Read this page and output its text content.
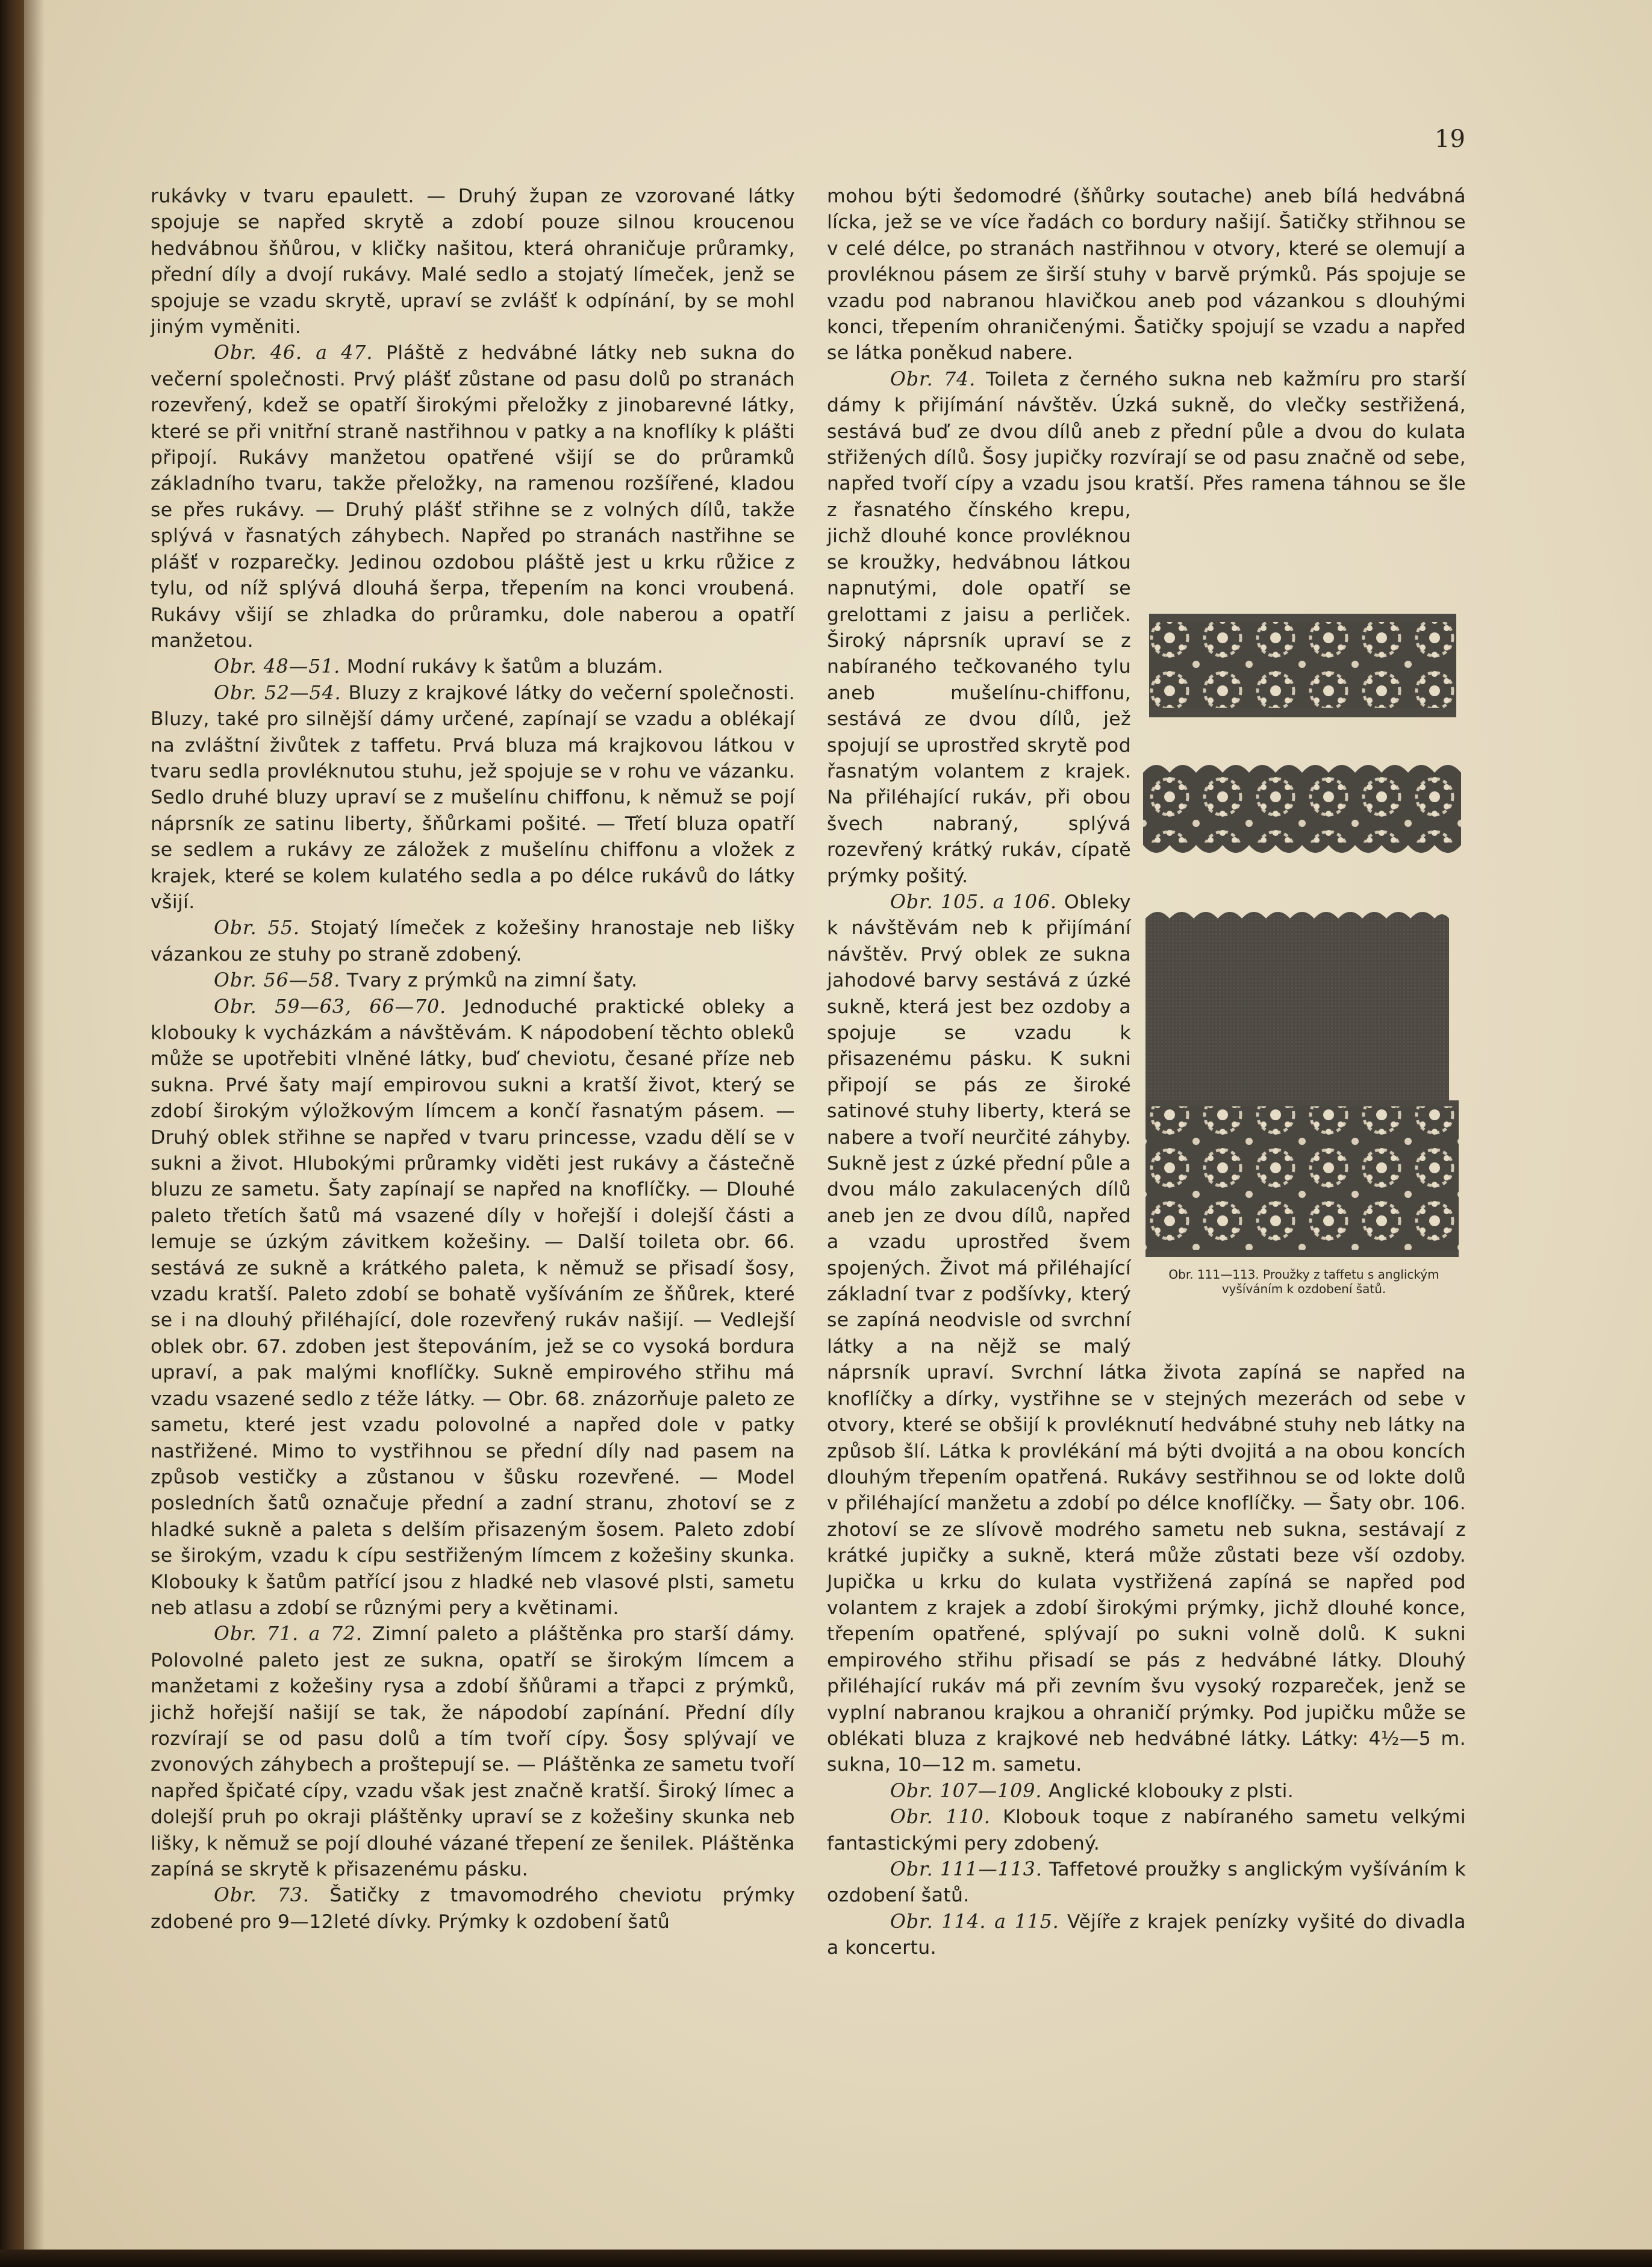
19

rukávky v tvaru epaulett. — Druhý župan ze vzorované látky spojuje se napřed skrytě a zdobí pouze silnou kroucenou hedvábnou šňůrou, v kličky našitou, která ohraničuje průramky, přední díly a dvojí rukávy. Malé sedlo a stojatý límeček, jenž se spojuje se vzadu skrytě, upraví se zvlášť k odpínání, by se mohl jiným vyměniti.

Obr. 46. a 47. Pláště z hedvábné látky neb sukna do večerní společnosti. Prvý plášť zůstane od pasu dolů po stranách rozevřený, kdež se opatří širokými přeložky z jinobarevné látky, které se při vnitřní straně nastřihnou v patky a na knoflíky k plášti připojí. Rukávy manžetou opatřené všijí se do průramků základního tvaru, takže přeložky, na ramenou rozšířené, kladou se přes rukávy. — Druhý plášť střihne se z volných dílů, takže splývá v řasnatých záhybech. Napřed po stranách nastřihne se plášť v rozparečky. Jedinou ozdobou pláště jest u krku růžice z tylu, od níž splývá dlouhá šerpa, třepením na konci vroubená. Rukávy všijí se zhladka do průramku, dole naberou a opatří manžetou.

Obr. 48—51. Modní rukávy k šatům a bluzám.

Obr. 52—54. Bluzy z krajkové látky do večerní společnosti. Bluzy, také pro silnější dámy určené, zapínají se vzadu a oblékají na zvláštní živůtek z taffetu. Prvá bluza má krajkovou látkou v tvaru sedla provléknutou stuhu, jež spojuje se v rohu ve vázanku. Sedlo druhé bluzy upraví se z mušelínu chiffonu, k němuž se pojí náprsník ze satinu liberty, šňůrkami pošité. — Třetí bluza opatří se sedlem a rukávy ze záložek z mušelínu chiffonu a vložek z krajek, které se kolem kulatého sedla a po délce rukávů do látky všijí.

Obr. 55. Stojatý límeček z kožešiny hranostaje neb lišky vázankou ze stuhy po straně zdobený.

Obr. 56—58. Tvary z prýmků na zimní šaty.

Obr. 59—63, 66—70. Jednoduché praktické obleky a klobouky k vycházkám a návštěvám. K nápodobení těchto obleků může se upotřebiti vlněné látky, buď cheviotu, česané příze neb sukna. Prvé šaty mají empirovou sukni a kratší život, který se zdobí širokým výložkovým límcem a končí řasnatým pásem. — Druhý oblek střihne se napřed v tvaru princesse, vzadu dělí se v sukni a život. Hlubokými průramky viděti jest rukávy a částečně bluzu ze sametu. Šaty zapínají se napřed na knoflíčky. — Dlouhé paleto třetích šatů má vsazené díly v hořejší i dolejší části a lemuje se úzkým závitkem kožešiny. — Další toileta obr. 66. sestává ze sukně a krátkého paleta, k němuž se přisadí šosy, vzadu kratší. Paleto zdobí se bohatě vyšíváním ze šňůrek, které se i na dlouhý přiléhající, dole rozevřený rukáv našijí. — Vedlejší oblek obr. 67. zdoben jest štepováním, jež se co vysoká bordura upraví, a pak malými knoflíčky. Sukně empirového střihu má vzadu vsazené sedlo z téže látky. — Obr. 68. znázorňuje paleto ze sametu, které jest vzadu polovolné a napřed dole v patky nastřižené. Mimo to vystřihnou se přední díly nad pasem na způsob vestičky a zůstanou v šůsku rozevřené. — Model posledních šatů označuje přední a zadní stranu, zhotoví se z hladké sukně a paleta s delším přisazeným šosem. Paleto zdobí se širokým, vzadu k cípu sestřiženým límcem z kožešiny skunka. Klobouky k šatům patřící jsou z hladké neb vlasové plsti, sametu neb atlasu a zdobí se různými pery a květinami.

Obr. 71. a 72. Zimní paleto a pláštěnka pro starší dámy. Polovolné paleto jest ze sukna, opatří se širokým límcem a manžetami z kožešiny rysa a zdobí šňůrami a třapci z prýmků, jichž hořejší našijí se tak, že nápodobí zapínání. Přední díly rozvírají se od pasu dolů a tím tvoří cípy. Šosy splývají ve zvonových záhybech a proštepují se. — Pláštěnka ze sametu tvoří napřed špičaté cípy, vzadu však jest značně kratší. Široký límec a dolejší pruh po okraji pláštěnky upraví se z kožešiny skunka neb lišky, k němuž se pojí dlouhé vázané třepení ze šenilek. Pláštěnka zapíná se skrytě k přisazenému pásku.

Obr. 73. Šatičky z tmavomodrého cheviotu prýmky zdobené pro 9—12leté dívky. Prýmky k ozdobení šatů

mohou býti šedomodré (šňůrky soutache) aneb bílá hedvábná lícka, jež se ve více řadách co bordury našijí. Šatičky střihnou se v celé délce, po stranách nastřihnou v otvory, které se olemují a provléknou pásem ze širší stuhy v barvě prýmků. Pás spojuje se vzadu pod nabranou hlavičkou aneb pod vázankou s dlouhými konci, třepením ohraničenými. Šatičky spojují se vzadu a napřed se látka poněkud nabere.

Obr. 74. Toileta z černého sukna neb kažmíru pro starší dámy k přijímání návštěv. Úzká sukně, do vlečky sestřižená, sestává buď ze dvou dílů aneb z přední půle a dvou do kulata střižených dílů. Šosy jupičky rozvírají se od pasu značně od sebe, napřed tvoří cípy a vzadu jsou kratší.
Přes ramena táhnou se šle z řasnatého čínského krepu, jichž dlouhé konce provléknou se kroužky, hedvábnou látkou napnutými, dole opatří se grelottami z jaisu a perliček. Široký náprsník upraví se z nabíraného tečkovaného tylu aneb mušelínu-chiffonu, sestává ze dvou dílů, jež spojují se uprostřed skrytě pod řasnatým volantem z krajek. Na přiléhající rukáv, při obou švech nabraný, splývá rozevřený krátký rukáv, cípatě prýmky pošitý.

Obr. 105. a 106. Obleky k návštěvám neb k přijímání návštěv. Prvý oblek ze sukna jahodové barvy sestává z úzké sukně, která jest bez ozdoby a spojuje se vzadu k přisazenému pásku. K sukni připojí se pás ze široké satinové stuhy liberty, která se nabere a tvoří neurčité záhyby. Sukně jest z úzké přední půle a dvou málo zakulacených dílů aneb jen ze dvou dílů, napřed a vzadu uprostřed švem spojených. Život má přiléhající základní tvar z podšívky, který se zapíná neodvisle od svrchní látky a na nějž se malý náprsník upraví. Svrchní látka života zapíná se napřed na knoflíčky a dírky, vystřihne se v stejných mezerách od sebe v otvory, které se obšijí k provléknutí hedvábné stuhy neb látky na způsob šlí. Látka k provlékání má býti dvojitá a na obou koncích dlouhým třepením opatřená. Rukávy sestřihnou se od lokte dolů v přiléhající manžetu a zdobí po délce knoflíčky. — Šaty obr. 106. zhotoví se ze slívově modrého sametu neb sukna, sestávají z krátké jupičky a sukně, která může zůstati beze vší ozdoby. Jupička u krku do kulata vystřižená zapíná se napřed pod volantem z krajek a zdobí širokými prýmky, jichž dlouhé konce, třepením opatřené, splývají po sukni volně dolů. K sukni empirového střihu přisadí se pás z hedvábné látky. Dlouhý přiléhající rukáv má při zevním švu vysoký rozpareček, jenž se vyplní nabranou krajkou a ohraničí prýmky. Pod jupičku může se oblékati bluza z krajkové neb hedvábné látky. Látky: 4½—5 m. sukna, 10—12 m. sametu.

Obr. 107—109. Anglické klobouky z plsti.

Obr. 110. Klobouk toque z nabíraného sametu velkými fantastickými pery zdobený.

Obr. 111—113. Taffetové proužky s anglickým vyšíváním k ozdobení šatů.

Obr. 114. a 115. Vějíře z krajek penízky vyšité do divadla a koncertu.

Obr. 111—113. Proužky z taffetu s anglickým vyšíváním k ozdobení šatů.
